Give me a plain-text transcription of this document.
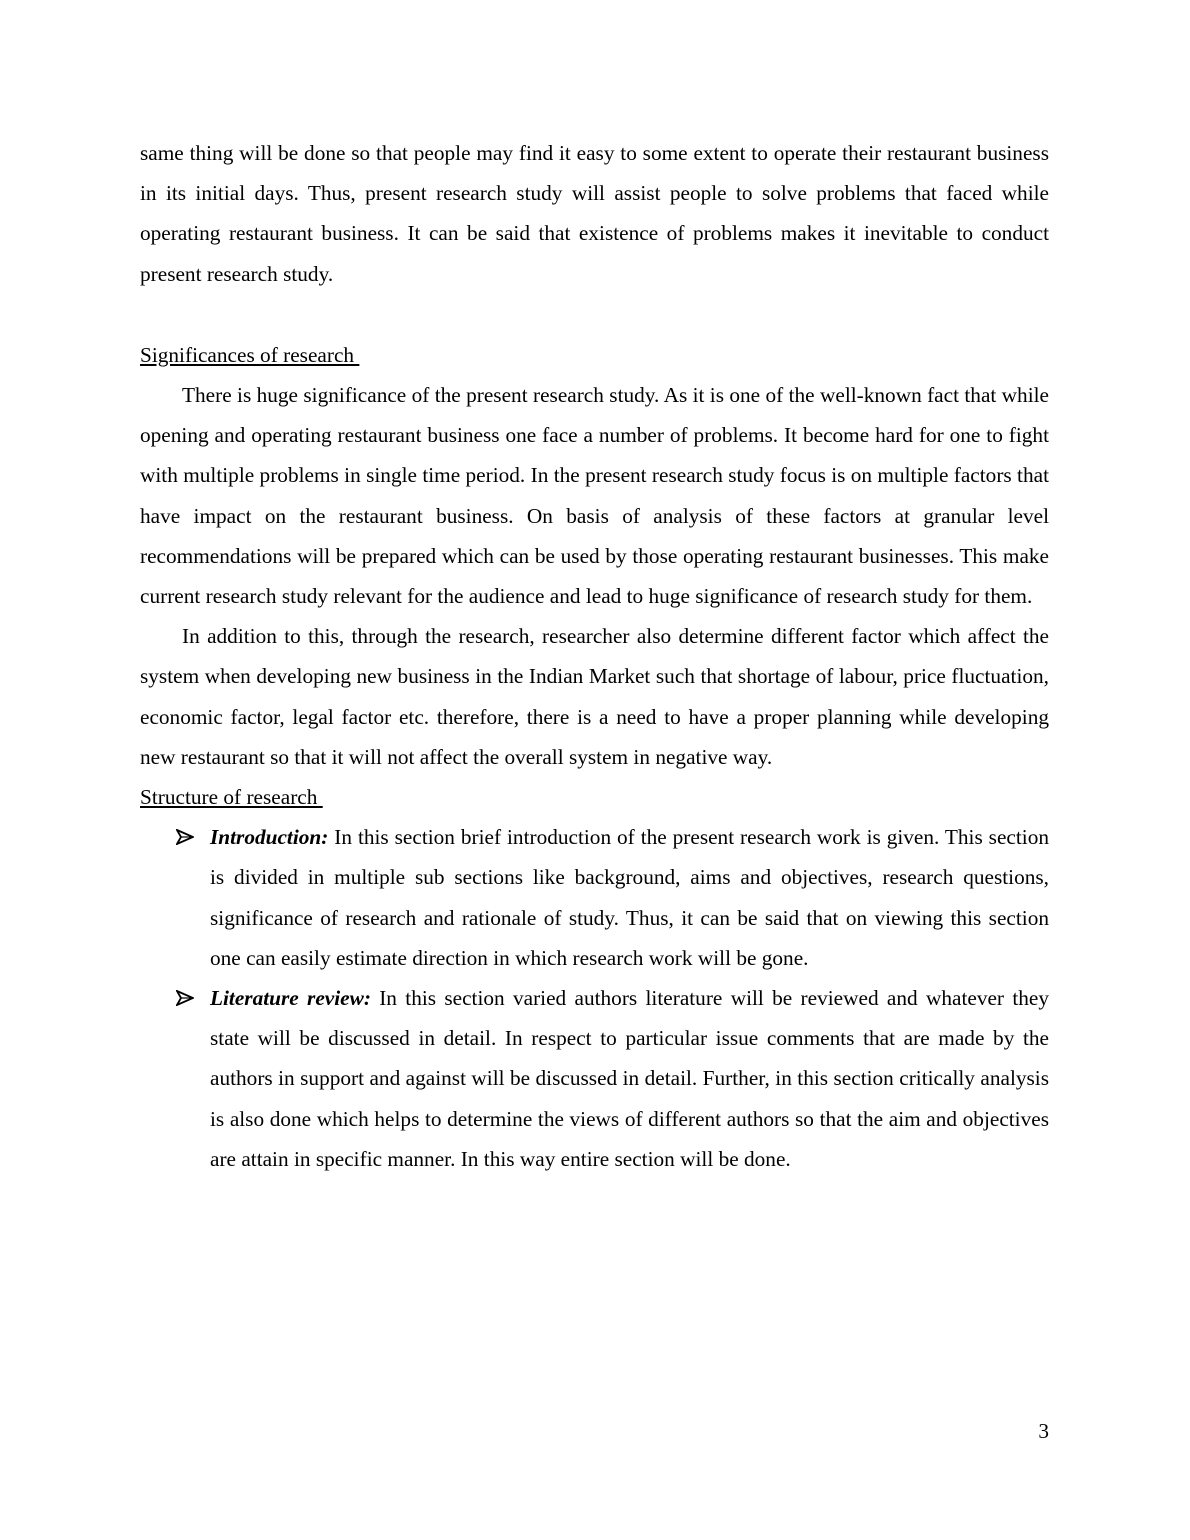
same thing will be done so that people may find it easy to some extent to operate their restaurant business in its initial days. Thus, present research study will assist people to solve problems that faced while operating restaurant business. It can be said that existence of problems makes it inevitable to conduct present research study.

Significances of research

There is huge significance of the present research study. As it is one of the well-known fact that while opening and operating restaurant business one face a number of problems. It become hard for one to fight with multiple problems in single time period. In the present research study focus is on multiple factors that have impact on the restaurant business. On basis of analysis of these factors at granular level recommendations will be prepared which can be used by those operating restaurant businesses. This make current research study relevant for the audience and lead to huge significance of research study for them.

In addition to this, through the research, researcher also determine different factor which affect the system when developing new business in the Indian Market such that shortage of labour, price fluctuation, economic factor, legal factor etc. therefore, there is a need to have a proper planning while developing new restaurant so that it will not affect the overall system in negative way.

Structure of research

Introduction: In this section brief introduction of the present research work is given. This section is divided in multiple sub sections like background, aims and objectives, research questions, significance of research and rationale of study. Thus, it can be said that on viewing this section one can easily estimate direction in which research work will be gone.
Literature review: In this section varied authors literature will be reviewed and whatever they state will be discussed in detail. In respect to particular issue comments that are made by the authors in support and against will be discussed in detail. Further, in this section critically analysis is also done which helps to determine the views of different authors so that the aim and objectives are attain in specific manner. In this way entire section will be done.
3
